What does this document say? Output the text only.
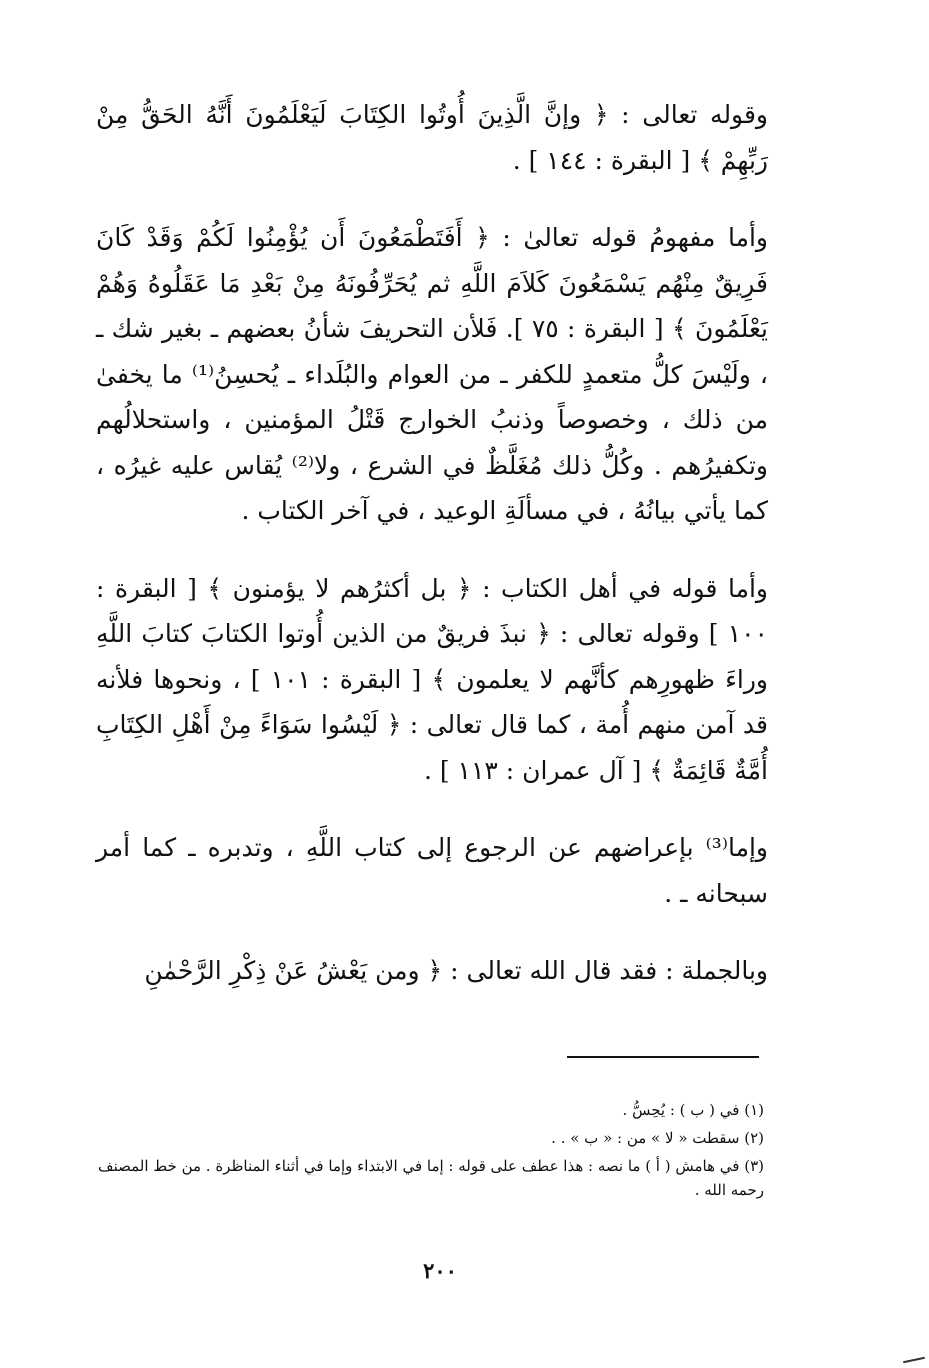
وقوله تعالى : ﴿ وإنَّ الَّذِينَ أُوتُوا الكِتَابَ لَيَعْلَمُونَ أَنَّهُ الحَقُّ مِنْ رَبِّهِمْ ﴾ [ البقرة : ١٤٤ ] .

وأما مفهومُ قوله تعالىٰ : ﴿ أَفَتَطْمَعُونَ أَن يُؤْمِنُوا لَكُمْ وَقَدْ كَانَ فَرِيقٌ مِنْهُم يَسْمَعُونَ كَلاَمَ اللَّهِ ثم يُحَرِّفُونَهُ مِنْ بَعْدِ مَا عَقَلُوهُ وَهُمْ يَعْلَمُونَ ﴾ [ البقرة : ٧٥ ]. فَلأن التحريفَ شأنُ بعضهم ـ بغير شك ـ ، ولَيْسَ كلُّ متعمدٍ للكفر ـ من العوام والبُلَداء ـ يُحسِنُ⁽¹⁾ ما يخفىٰ من ذلك ، وخصوصاً وذنبُ الخوارج قَتْلُ المؤمنين ، واستحلالُهم وتكفيرُهم . وكُلُّ ذلك مُغَلَّظٌ في الشرع ، ولا⁽²⁾ يُقاس عليه غيرُه ، كما يأتي بيانُهُ ، في مسألَةِ الوعيد ، في آخر الكتاب .

وأما قوله في أهل الكتاب : ﴿ بل أكثرُهم لا يؤمنون ﴾ [ البقرة : ١٠٠ ] وقوله تعالى : ﴿ نبذَ فريقٌ من الذين أُوتوا الكتابَ كتابَ اللَّهِ وراءَ ظهورِهم كأنَّهم لا يعلمون ﴾ [ البقرة : ١٠١ ] ، ونحوها فلأنه قد آمن منهم أُمة ، كما قال تعالى : ﴿ لَيْسُوا سَوَاءً مِنْ أَهْلِ الكِتَابِ أُمَّةٌ قَائِمَةٌ ﴾ [ آل عمران : ١١٣ ] .

وإما⁽³⁾ بإعراضهم عن الرجوع إلى كتاب اللَّهِ ، وتدبره ـ كما أمر سبحانه ـ .

وبالجملة : فقد قال الله تعالى : ﴿ ومن يَعْشُ عَنْ ذِكْرِ الرَّحْمٰنِ

(١) في ( ب ) : يُحِسُّ .

(٢) سقطت « لا » من : « ب » . .

(٣) في هامش ( أ ) ما نصه : هذا عطف على قوله : إما في الابتداء وإما في أثناء المناظرة . من خط المصنف رحمه الله .

٢٠٠
